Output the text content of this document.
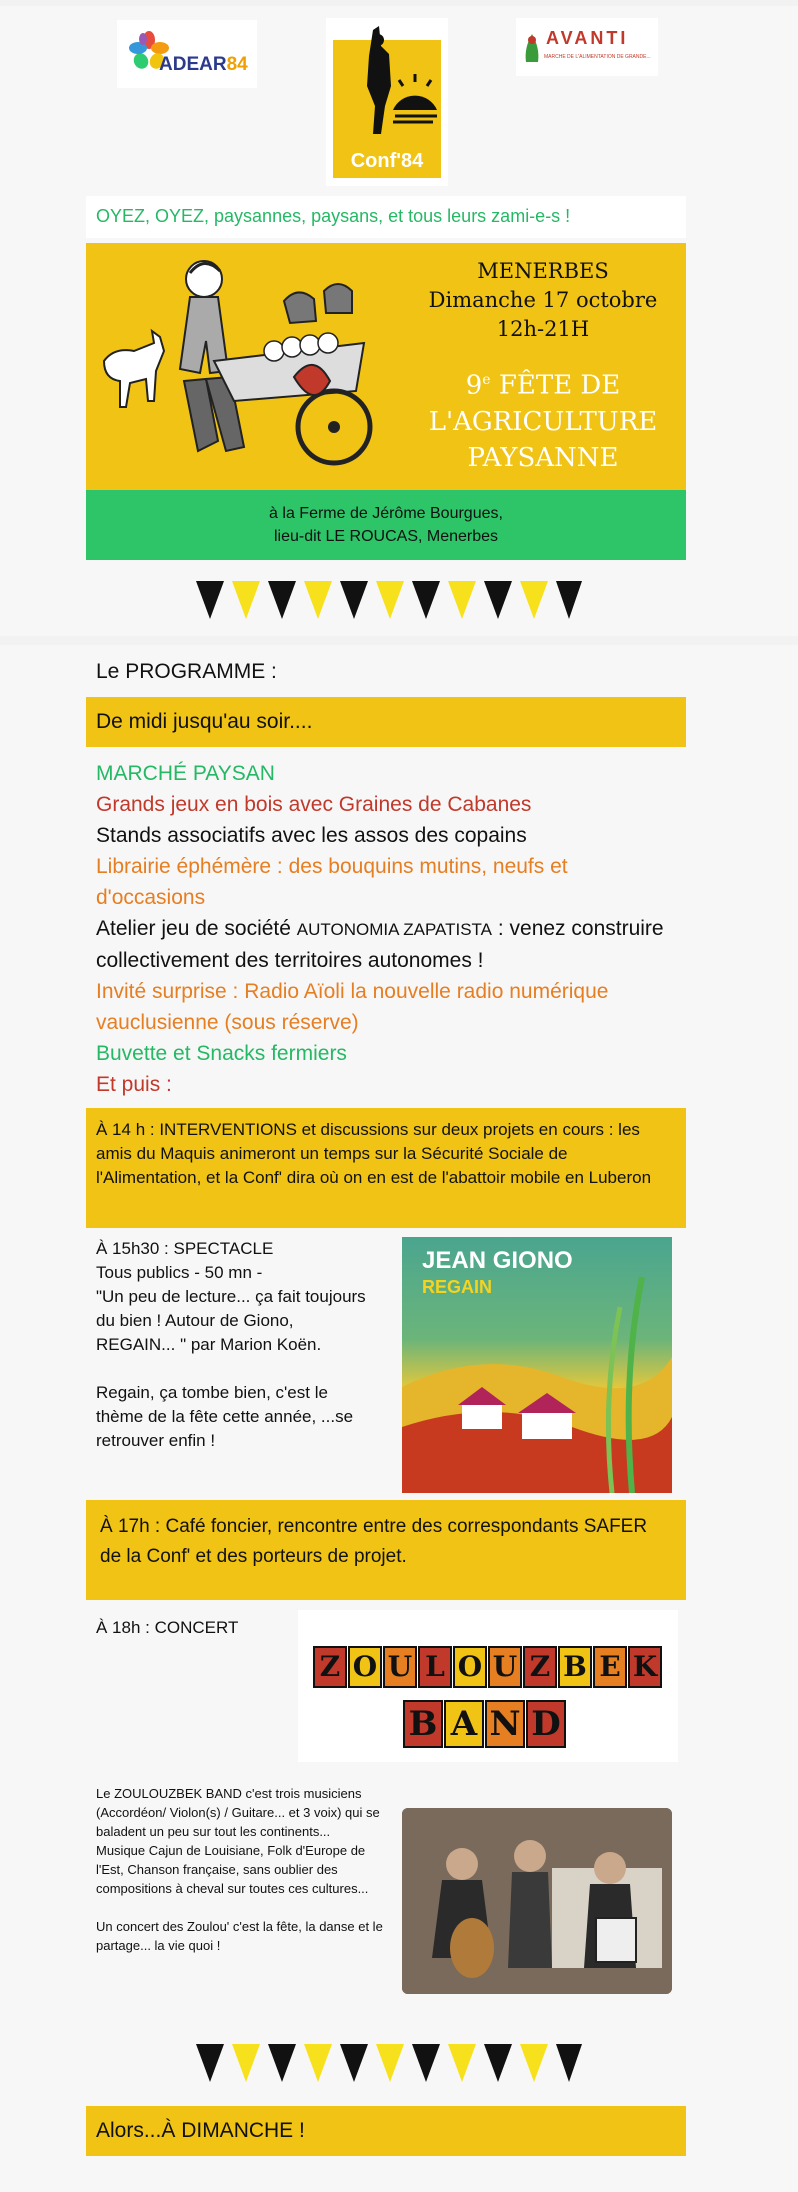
ADEAR84
Conf'84
AVANTI
MARCHÉ DE L'ALIMENTATION DE GRANDE...
OYEZ, OYEZ, paysannes, paysans, et tous leurs zami-e-s !
MENERBES
Dimanche 17 octobre
12h-21H
9e FÊTE DE
L'AGRICULTURE
PAYSANNE
à la Ferme de Jérôme Bourgues,
lieu-dit LE ROUCAS, Menerbes
Le PROGRAMME :
De midi jusqu'au soir....
MARCHÉ PAYSAN
Grands jeux en bois avec Graines de Cabanes
Stands associatifs avec les assos des copains
Librairie éphémère : des bouquins mutins, neufs et d'occasions
Atelier jeu de société AUTONOMIA ZAPATISTA : venez construire collectivement des territoires autonomes !
Invité surprise : Radio Aïoli la nouvelle radio numérique vauclusienne (sous réserve)
Buvette et Snacks fermiers
Et puis :
À 14 h : INTERVENTIONS et discussions sur deux projets en cours : les amis du Maquis animeront un temps sur la Sécurité Sociale de l'Alimentation, et la Conf' dira où on en est de l'abattoir mobile en Luberon
À 15h30 : SPECTACLE
Tous publics - 50 mn -
"Un peu de lecture... ça fait toujours du bien ! Autour de Giono, REGAIN... " par Marion Koën.
Regain, ça tombe bien, c'est le thème de la fête cette année, ...se retrouver enfin !
JEAN GIONO
REGAIN
À 17h : Café foncier, rencontre entre des correspondants SAFER de la Conf' et des porteurs de projet.
À 18h : CONCERT
Z O U L O U Z B E K
B A N D
Le ZOULOUZBEK BAND c'est trois musiciens (Accordéon/ Violon(s) / Guitare... et 3 voix) qui se baladent un peu sur tout les continents...
Musique Cajun de Louisiane, Folk d'Europe de l'Est, Chanson française, sans oublier des compositions à cheval sur toutes ces cultures...
Un concert des Zoulou' c'est la fête, la danse et le partage... la vie quoi !
Alors...À DIMANCHE !
